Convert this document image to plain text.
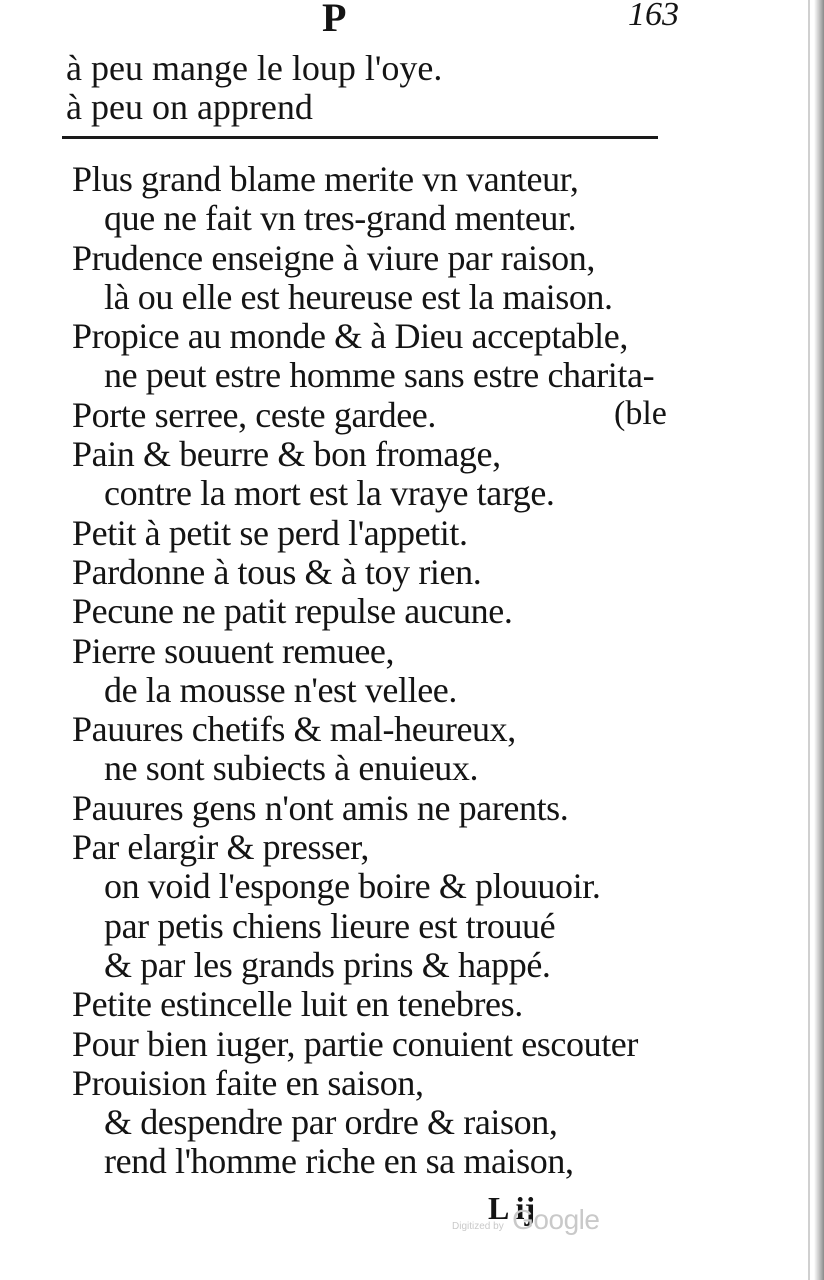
P	163
à peu mange le loup l'oye.
à peu on apprend
Plus grand blame merite vn vanteur,
que ne fait vn tres-grand menteur.
Prudence enseigne à viure par raison,
là ou elle est heureuse est la maison.
Propice au monde & à Dieu acceptable,
ne peut estre homme sans estre charita-
Porte serree, ceste gardee.
Pain & beurre & bon fromage,
contre la mort est la vraye targe.
Petit à petit se perd l'appetit.
Pardonne à tous & à toy rien.
Pecune ne patit repulse aucune.
Pierre souuent remuee,
de la mousse n'est vellee.
Pauures chetifs & mal-heureux,
ne sont subiects à enuieux.
Pauures gens n'ont amis ne parents.
Par elargir & presser,
on void l'esponge boire & plouuoir.
par petis chiens lieure est trouué
& par les grands prins & happé.
Petite estincelle luit en tenebres.
Pour bien iuger, partie conuient escouter
Prouision faite en saison,
& despendre par ordre & raison,
rend l'homme riche en sa maison,
(ble
L ij
Digitized by Google
